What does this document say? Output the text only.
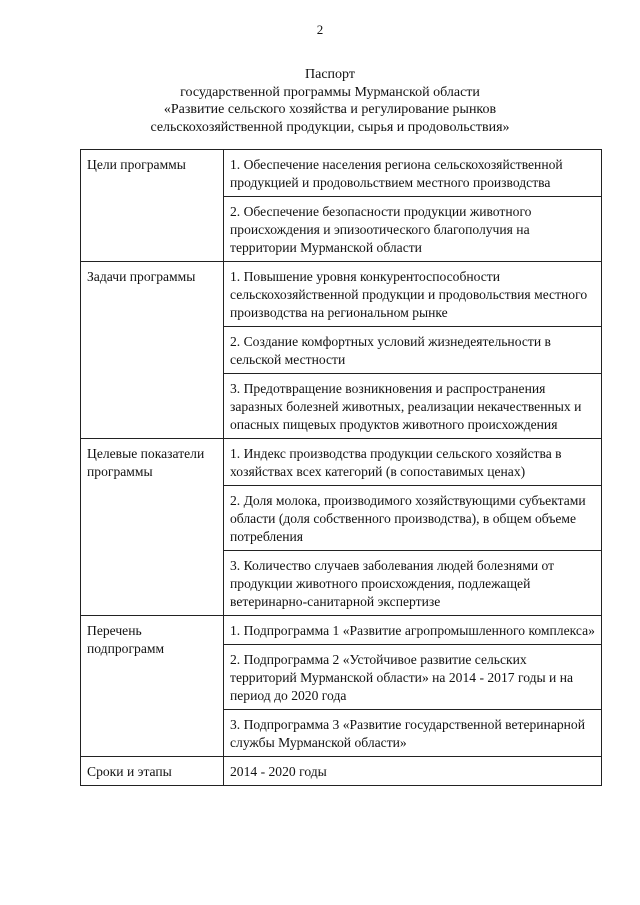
2
Паспорт
государственной программы Мурманской области
«Развитие сельского хозяйства и регулирование рынков
сельскохозяйственной продукции, сырья и продовольствия»
Цели программы	1. Обеспечение населения региона сельскохозяйственной продукцией и продовольствием местного производства

	2. Обеспечение безопасности продукции животного происхождения и эпизоотического благополучия на территории Мурманской области

Задачи программы	1. Повышение уровня конкурентоспособности сельскохозяйственной продукции и продовольствия местного производства на региональном рынке

	2. Создание комфортных условий жизнедеятельности в сельской местности

	3. Предотвращение возникновения и распространения заразных болезней животных, реализации некачественных и опасных пищевых продуктов животного происхождения

Целевые показатели программы	1. Индекс производства продукции сельского хозяйства в хозяйствах всех категорий (в сопоставимых ценах)

	2. Доля молока, производимого хозяйствующими субъектами области (доля собственного производства), в общем объеме потребления

	3. Количество случаев заболевания людей болезнями от продукции животного происхождения, подлежащей ветеринарно-санитарной экспертизе

Перечень подпрограмм	1. Подпрограмма 1 «Развитие агропромышленного комплекса»

	2. Подпрограмма 2 «Устойчивое развитие сельских территорий Мурманской области» на 2014 - 2017 годы и на период до 2020 года

	3. Подпрограмма 3 «Развитие государственной ветеринарной службы Мурманской области»

Сроки и этапы	2014 - 2020 годы
